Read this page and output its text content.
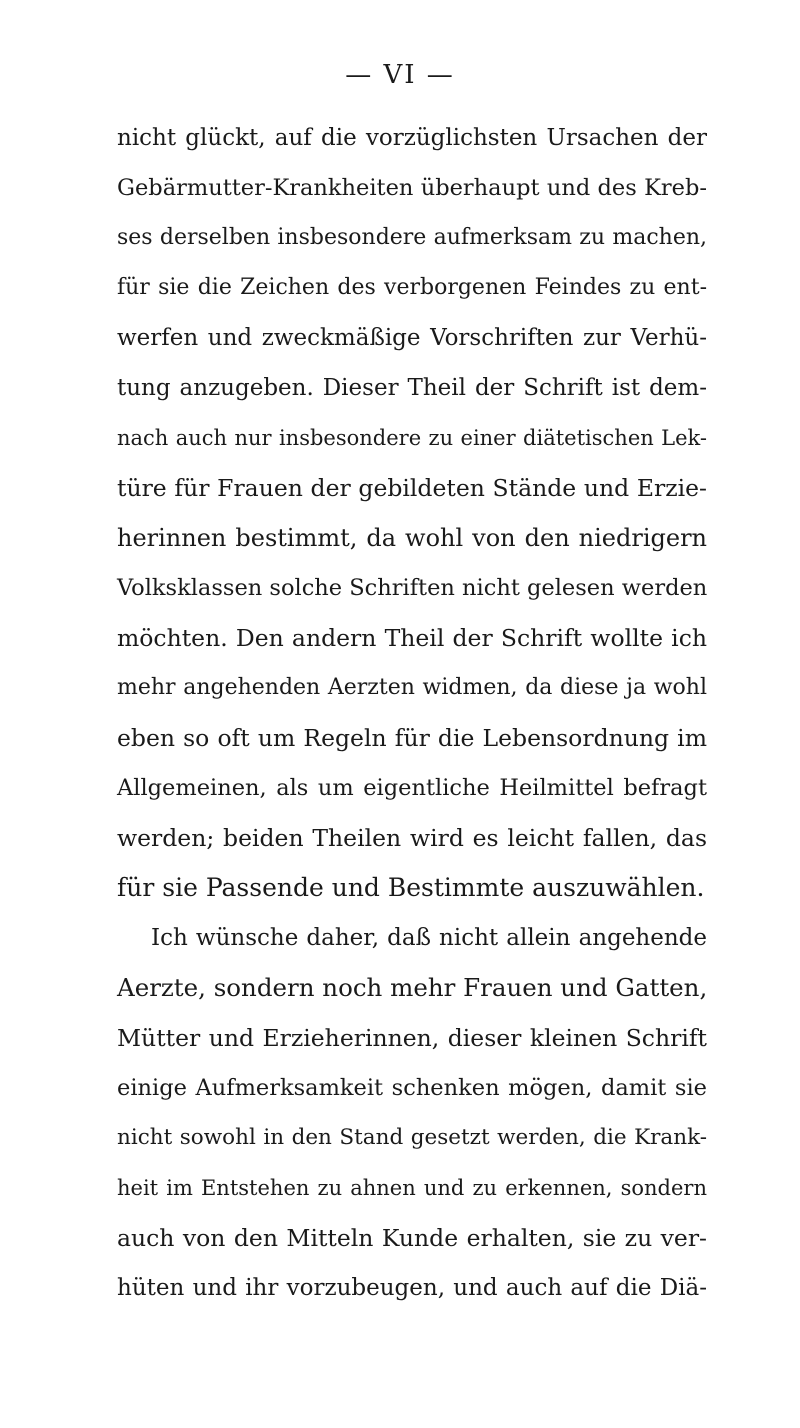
— VI —
nicht glückt, auf die vorzüglichsten Ursachen der
Gebärmutter-Krankheiten überhaupt und des Kreb-
ses derselben insbesondere aufmerksam zu machen,
für sie die Zeichen des verborgenen Feindes zu ent-
werfen und zweckmäßige Vorschriften zur Verhü-
tung anzugeben. Dieser Theil der Schrift ist dem-
nach auch nur insbesondere zu einer diätetischen Lek-
türe für Frauen der gebildeten Stände und Erzie-
herinnen bestimmt, da wohl von den niedrigern
Volksklassen solche Schriften nicht gelesen werden
möchten. Den andern Theil der Schrift wollte ich
mehr angehenden Aerzten widmen, da diese ja wohl
eben so oft um Regeln für die Lebensordnung im
Allgemeinen, als um eigentliche Heilmittel befragt
werden; beiden Theilen wird es leicht fallen, das
für sie Passende und Bestimmte auszuwählen.
Ich wünsche daher, daß nicht allein angehende
Aerzte, sondern noch mehr Frauen und Gatten,
Mütter und Erzieherinnen, dieser kleinen Schrift
einige Aufmerksamkeit schenken mögen, damit sie
nicht sowohl in den Stand gesetzt werden, die Krank-
heit im Entstehen zu ahnen und zu erkennen, sondern
auch von den Mitteln Kunde erhalten, sie zu ver-
hüten und ihr vorzubeugen, und auch auf die Diä-
